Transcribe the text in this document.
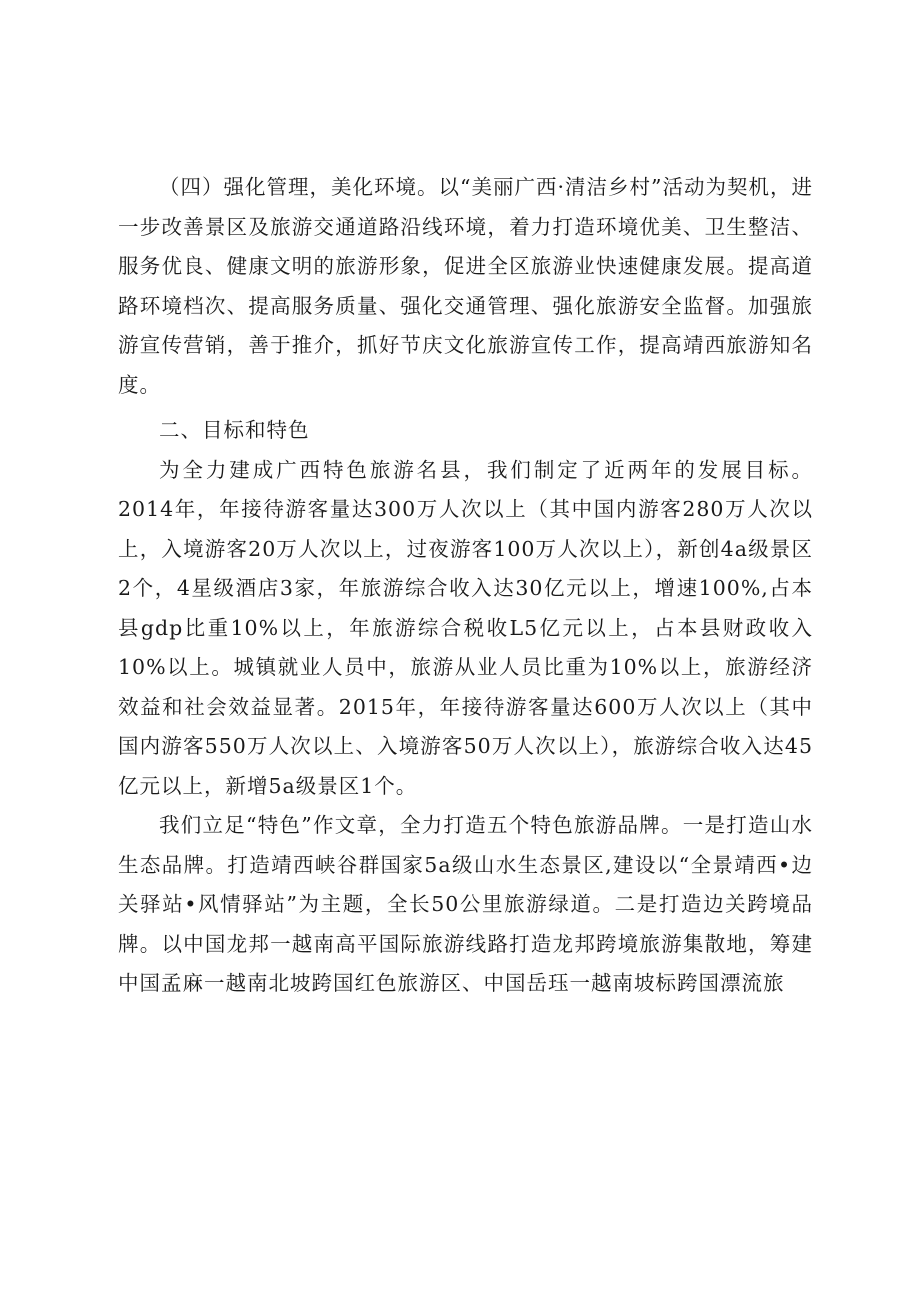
（四）强化管理，美化环境。以“美丽广西·清洁乡村”活动为契机，进一步改善景区及旅游交通道路沿线环境，着力打造环境优美、卫生整洁、服务优良、健康文明的旅游形象，促进全区旅游业快速健康发展。提高道路环境档次、提高服务质量、强化交通管理、强化旅游安全监督。加强旅游宣传营销，善于推介，抓好节庆文化旅游宣传工作，提高靖西旅游知名度。

二、目标和特色

为全力建成广西特色旅游名县，我们制定了近两年的发展目标。2014年，年接待游客量达300万人次以上（其中国内游客280万人次以上，入境游客20万人次以上，过夜游客100万人次以上），新创4a级景区2个，4星级酒店3家，年旅游综合收入达30亿元以上，增速100%,占本县gdp比重10%以上，年旅游综合税收L5亿元以上，占本县财政收入10%以上。城镇就业人员中，旅游从业人员比重为10%以上，旅游经济效益和社会效益显著。2015年，年接待游客量达600万人次以上（其中国内游客550万人次以上、入境游客50万人次以上），旅游综合收入达45亿元以上，新增5a级景区1个。

我们立足“特色”作文章，全力打造五个特色旅游品牌。一是打造山水生态品牌。打造靖西峡谷群国家5a级山水生态景区,建设以“全景靖西•边关驿站•风情驿站”为主题，全长50公里旅游绿道。二是打造边关跨境品牌。以中国龙邦一越南高平国际旅游线路打造龙邦跨境旅游集散地，筹建中国孟麻一越南北坡跨国红色旅游区、中国岳珏一越南坡标跨国漂流旅
